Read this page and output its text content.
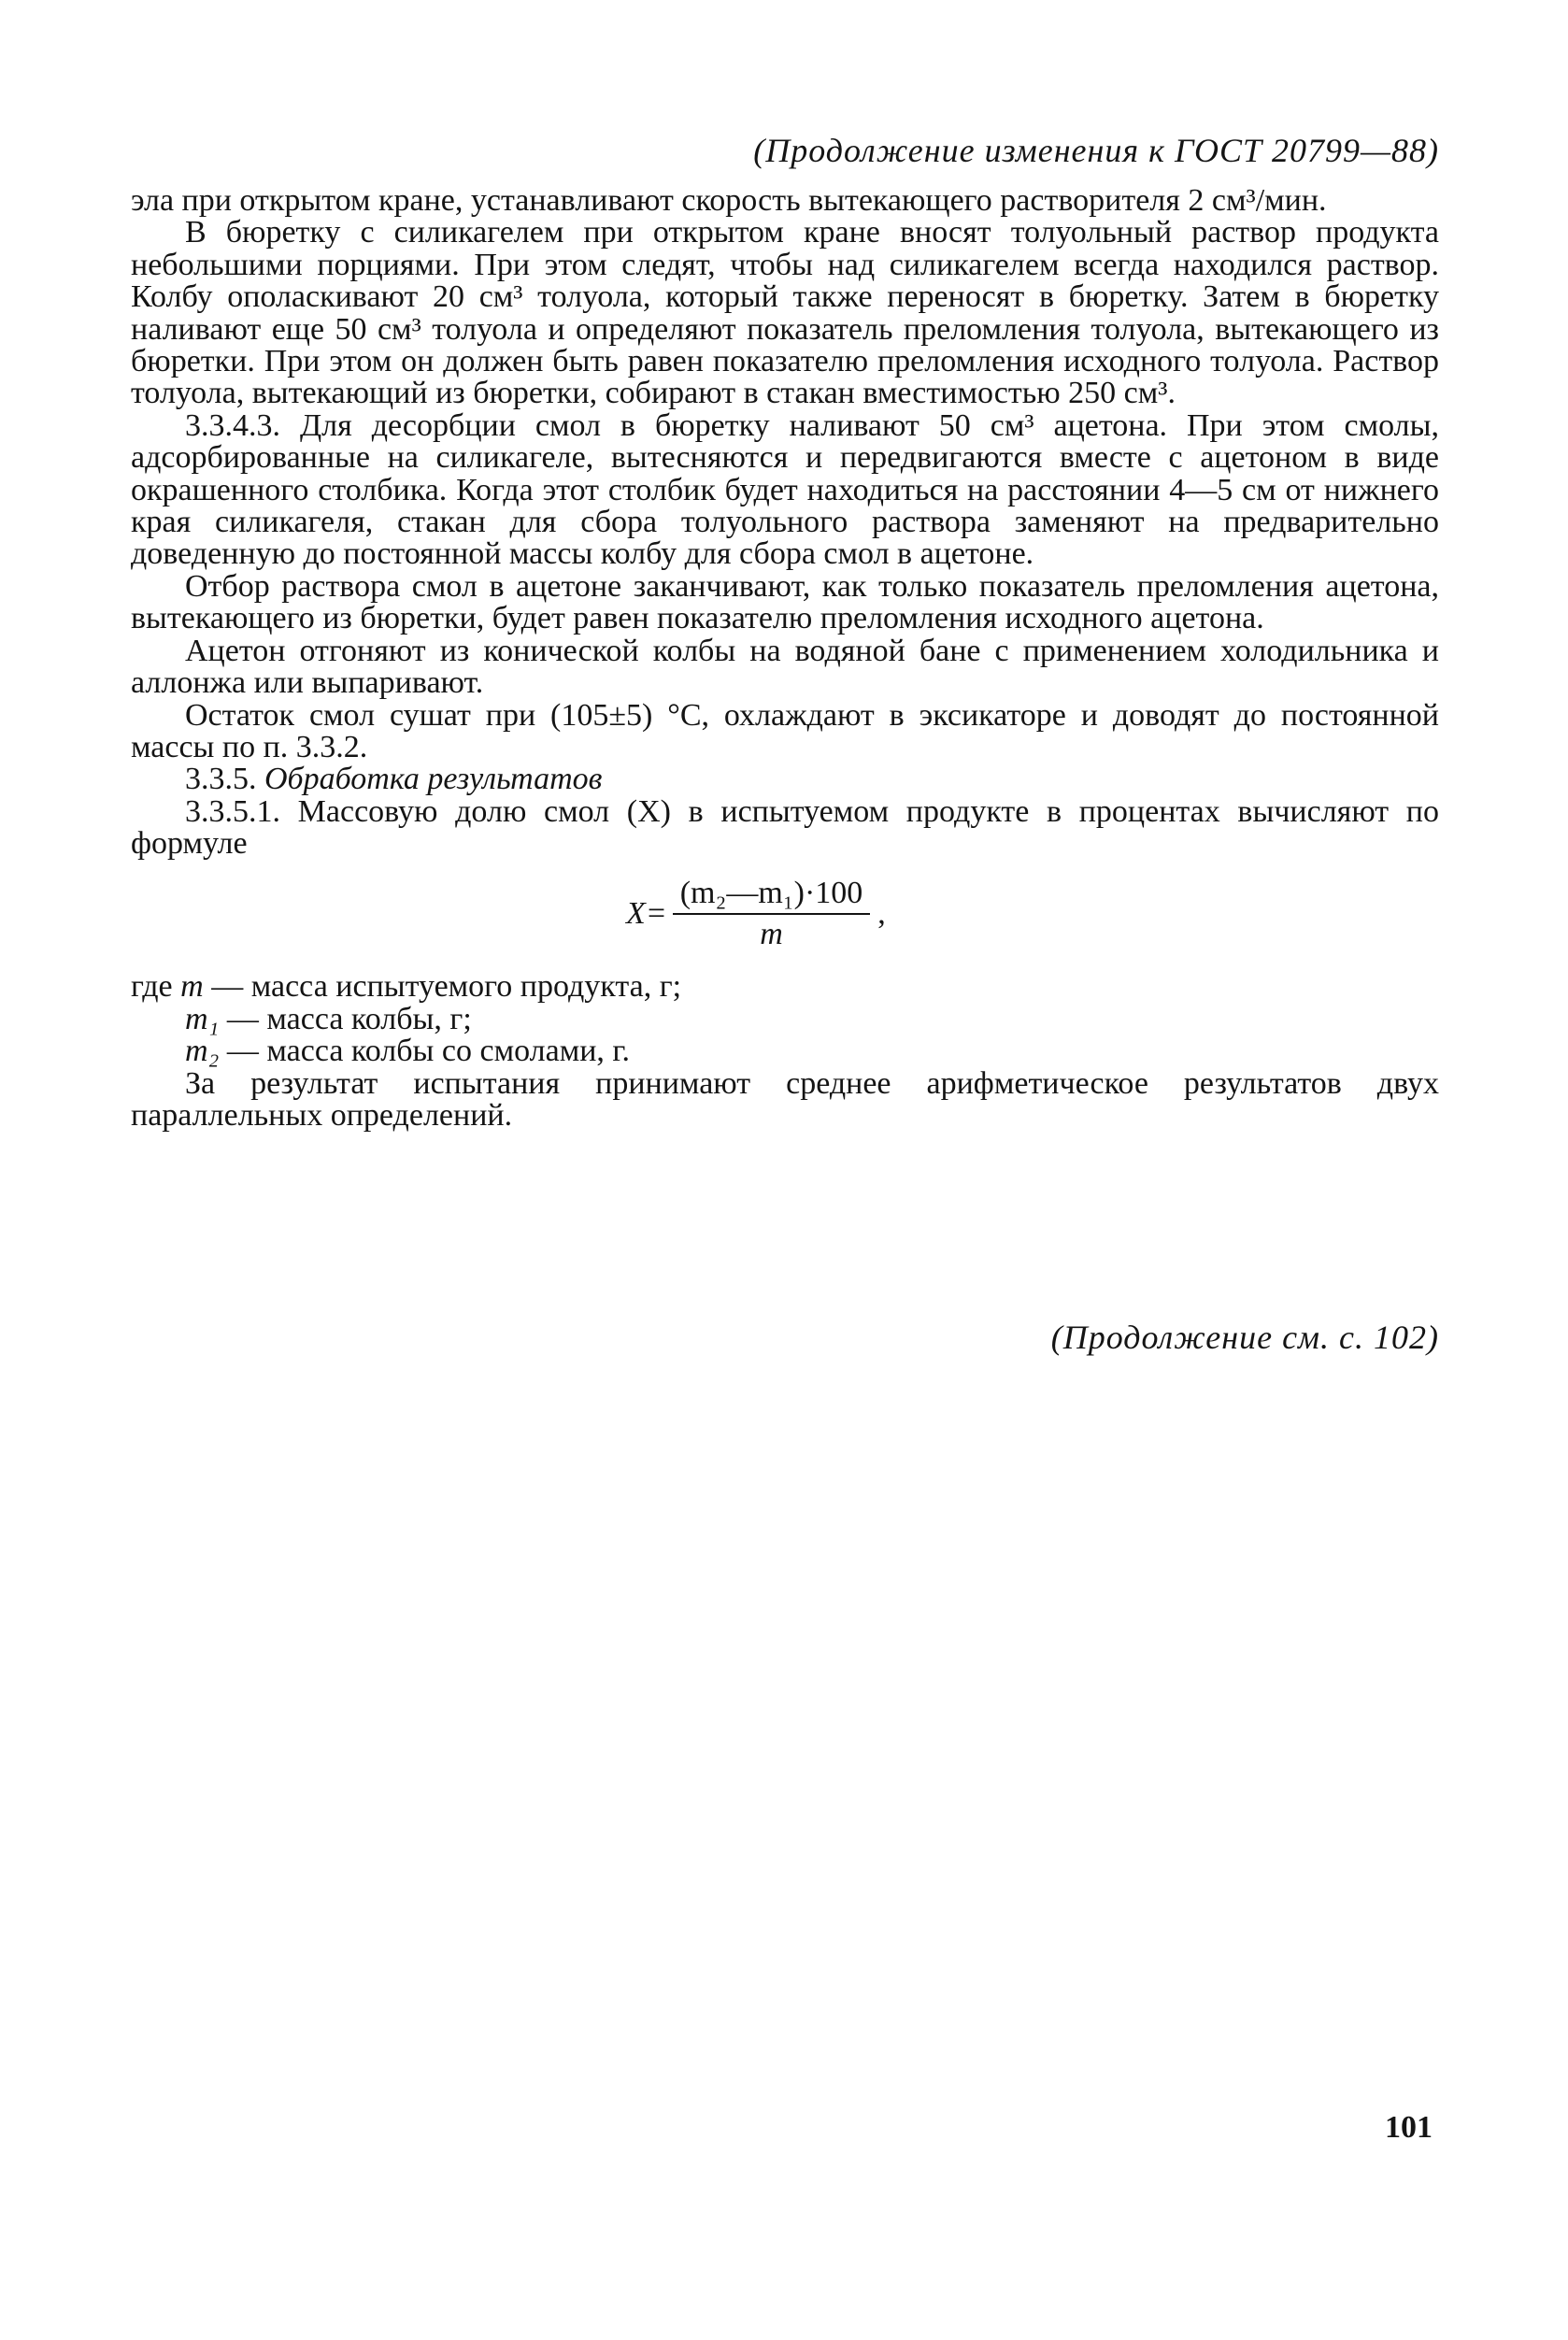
(Продолжение изменения к ГОСТ 20799—88)

эла при открытом кране, устанавливают скорость вытекающего растворителя 2 см³/мин.

В бюретку с силикагелем при открытом кране вносят толуольный раствор продукта небольшими порциями. При этом следят, чтобы над силикагелем всегда находился раствор. Колбу ополаскивают 20 см³ толуола, который также переносят в бюретку. Затем в бюретку наливают еще 50 см³ толуола и определяют показатель преломления толуола, вытекающего из бюретки. При этом он должен быть равен показателю преломления исходного толуола. Раствор толуола, вытекающий из бюретки, собирают в стакан вместимостью 250 см³.

3.3.4.3. Для десорбции смол в бюретку наливают 50 см³ ацетона. При этом смолы, адсорбированные на силикагеле, вытесняются и передвигаются вместе с ацетоном в виде окрашенного столбика. Когда этот столбик будет находиться на расстоянии 4—5 см от нижнего края силикагеля, стакан для сбора толуольного раствора заменяют на предварительно доведенную до постоянной массы колбу для сбора смол в ацетоне.

Отбор раствора смол в ацетоне заканчивают, как только показатель преломления ацетона, вытекающего из бюретки, будет равен показателю преломления исходного ацетона.

Ацетон отгоняют из конической колбы на водяной бане с применением холодильника и аллонжа или выпаривают.

Остаток смол сушат при (105±5) °С, охлаждают в эксикаторе и доводят до постоянной массы по п. 3.3.2.

3.3.5. Обработка результатов

3.3.5.1. Массовую долю смол (X) в испытуемом продукте в процентах вычисляют по формуле

$X= \frac{\text{(m₂—m₁)·100}}{m}$ ,

где m — масса испытуемого продукта, г;

m₁ — масса колбы, г;

m₂ — масса колбы со смолами, г.

За результат испытания принимают среднее арифметическое результатов двух параллельных определений.

(Продолжение см. с. 102)
101
